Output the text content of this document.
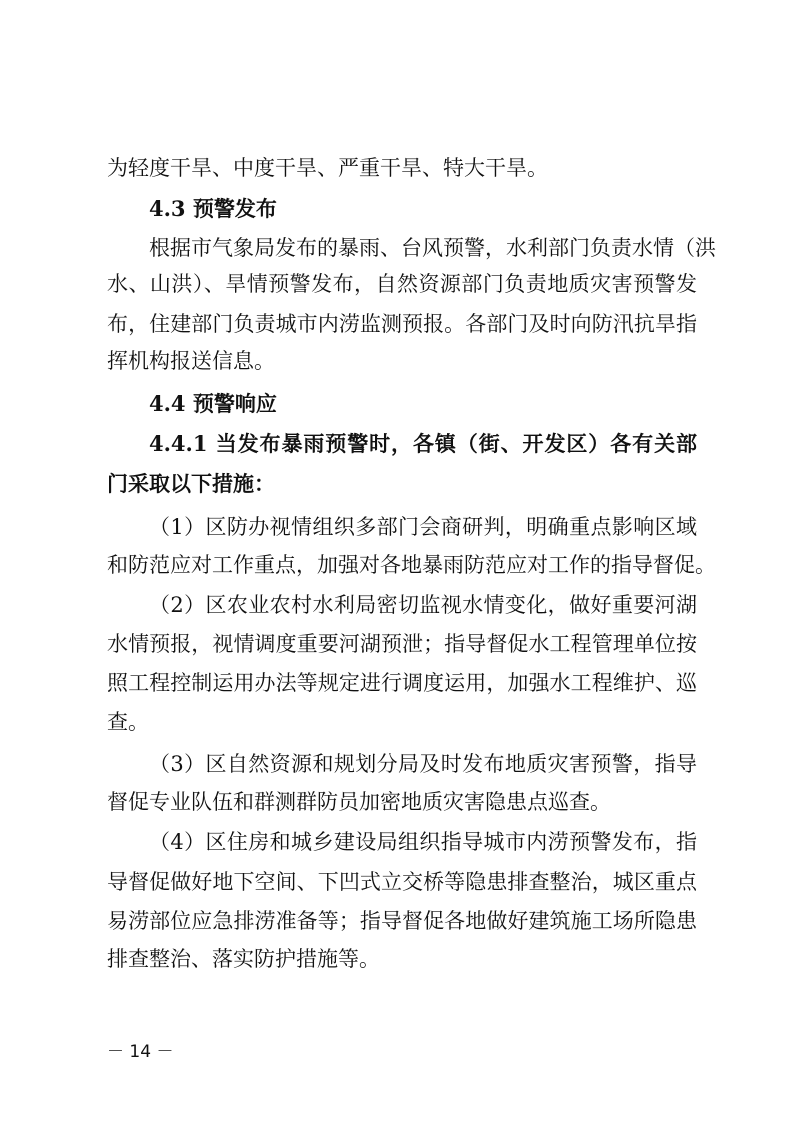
为轻度干旱、中度干旱、严重干旱、特大干旱。
4.3 预警发布
根据市气象局发布的暴雨、台风预警，水利部门负责水情（洪
水、山洪）、旱情预警发布，自然资源部门负责地质灾害预警发
布，住建部门负责城市内涝监测预报。各部门及时向防汛抗旱指
挥机构报送信息。
4.4 预警响应
4.4.1 当发布暴雨预警时，各镇（街、开发区）各有关部
门采取以下措施：
（1）区防办视情组织多部门会商研判，明确重点影响区域
和防范应对工作重点，加强对各地暴雨防范应对工作的指导督促。
（2）区农业农村水利局密切监视水情变化，做好重要河湖
水情预报，视情调度重要河湖预泄；指导督促水工程管理单位按
照工程控制运用办法等规定进行调度运用，加强水工程维护、巡
查。
（3）区自然资源和规划分局及时发布地质灾害预警，指导
督促专业队伍和群测群防员加密地质灾害隐患点巡查。
（4）区住房和城乡建设局组织指导城市内涝预警发布，指
导督促做好地下空间、下凹式立交桥等隐患排查整治，城区重点
易涝部位应急排涝准备等；指导督促各地做好建筑施工场所隐患
排查整治、落实防护措施等。
－ 14 －
